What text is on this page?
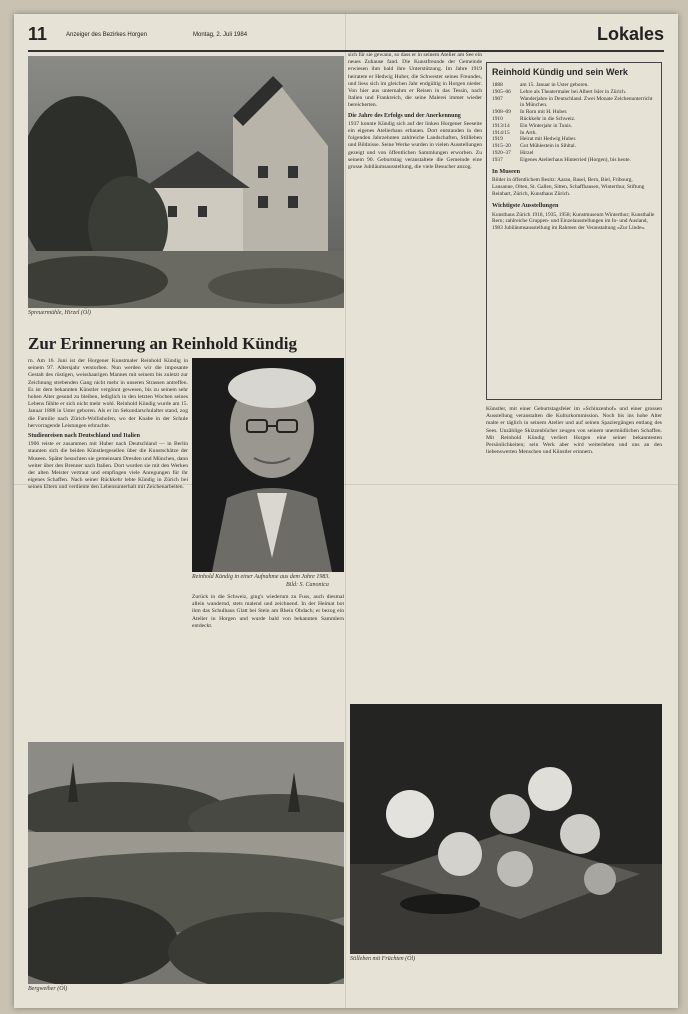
11	Anzeiger des Bezirkes Horgen	Montag, 2. Juli 1984	Lokales
Spreuermühle, Hirzel (Öl)
Zur Erinnerung an Reinhold Kündig

rn. Am 16. Juni ist der Horgener Kunstmaler Reinhold Kündig in seinem 97. Altersjahr verstorben. Nun werden wir die imposante Gestalt des rüstigen, weisshaarigen Mannes mit seinem bis zuletzt zur Zeichnung strebenden Gang nicht mehr in unseren Strassen antreffen. Es ist dem bekannten Künstler vergönnt gewesen, bis zu seinem sehr hohen Alter gesund zu bleiben, lediglich in den letzten Wochen seines Lebens fühlte er sich nicht mehr wohl. Reinhold Kündig wurde am 15. Januar 1888 in Uster geboren. Als er im Sekundarschulalter stand, zog die Familie nach Zürich-Wollishofen, wo der Knabe in der Schule hervorragende Leistungen erbrachte.

Studienreisen nach Deutschland und Italien

1906 reiste er zusammen mit Huber nach Deutschland — in Berlin staunten sich die beiden Künstlergesellen über die Kunstschätze der Museen. Später besuchten sie gemeinsam Dresden und München, dann weiter über den Brenner nach Italien. Dort wurden sie mit den Werken der alten Meister vertraut und empfingen viele Anregungen für ihr eigenes Schaffen. Nach seiner Rückkehr lebte Kündig in Zürich bei seinen Eltern und verdiente den Lebensunterhalt mit Zeichenarbeiten.

Reinhold Kündig in einer Aufnahme aus dem Jahre 1983.
Bild: S. Canonica

Zurück in die Schweiz, ging's wiederum zu Fuss, auch diesmal allein wandernd, stets malend und zeichnend. In der Heimat bot ihm das Schulhaus Glatt bei Stein am Rhein Obdach; er bezog ein Atelier in Horgen und wurde bald von bekannten Sammlern entdeckt.

Bergweiher (Öl)

sich für sie gewann, so dass er in seinem Atelier am See ein neues Zuhause fand. Die Kunstfreunde der Gemeinde erwiesen ihm bald ihre Unterstützung. Im Jahre 1919 heiratete er Hedwig Huber, die Schwester seines Freundes, und liess sich im gleichen Jahr endgültig in Horgen nieder. Von hier aus unternahm er Reisen in das Tessin, nach Italien und Frankreich, die seine Malerei immer wieder bereicherten.

Die Jahre des Erfolgs und der Anerkennung

1937 konnte Kündig sich auf der linken Horgener Seeseite ein eigenes Atelierhaus erbauen. Dort entstanden in den folgenden Jahrzehnten zahlreiche Landschaften, Stillleben und Bildnisse. Seine Werke wurden in vielen Ausstellungen gezeigt und von öffentlichen Sammlungen erworben. Zu seinem 90. Geburtstag veranstaltete die Gemeinde eine grosse Jubiläumsausstellung, die viele Besucher anzog.

Reinhold Kündig und sein Werk
1888	am 15. Januar in Uster geboren.
1905–06	Lehre als Theatermaler bei Albert Isler in Zürich.
1907	Wanderjahre in Deutschland. Zwei Monate Zeichenunterricht in München.
1908–09	In Rom mit H. Huber.
1910	Rückkehr in die Schweiz.
1913/14	Ein Winterjahr in Tunis.
1914/15	In Arth.
1919	Heirat mit Hedwig Huber.
1915–20	Gut Mühlestein in Sihltal.
1920–37	Hirzel
1937	Eigenes Atelierhaus Hinterried (Horgen), bis heute.
In Museen

Bilder in öffentlichem Besitz: Aarau, Basel, Bern, Biel, Fribourg, Lausanne, Olten, St. Gallen, Sitten, Schaffhausen, Winterthur, Stiftung Reinhart, Zürich, Kunsthaus Zürich.

Wichtigste Ausstellungen

Kunsthaus Zürich 1918, 1935, 1958; Kunstmuseum Winterthur; Kunsthalle Bern; zahlreiche Gruppen- und Einzelausstellungen im In- und Ausland, 1983 Jubiläumsausstellung im Rahmen der Veranstaltung «Zur Linde».

Künstler, mit einer Geburtstagsfeier im «Schinzenhof» und einer grossen Ausstellung veranstalten die Kulturkommission. Noch bis ins hohe Alter malte er täglich in seinem Atelier und auf seinen Spaziergängen entlang des Sees. Unzählige Skizzenbücher zeugen von seinem unermüdlichen Schaffen. Mit Reinhold Kündig verliert Horgen eine seiner bekanntesten Persönlichkeiten; sein Werk aber wird weiterleben und uns an den liebenswerten Menschen und Künstler erinnern.

Stilleben mit Früchten (Öl)
